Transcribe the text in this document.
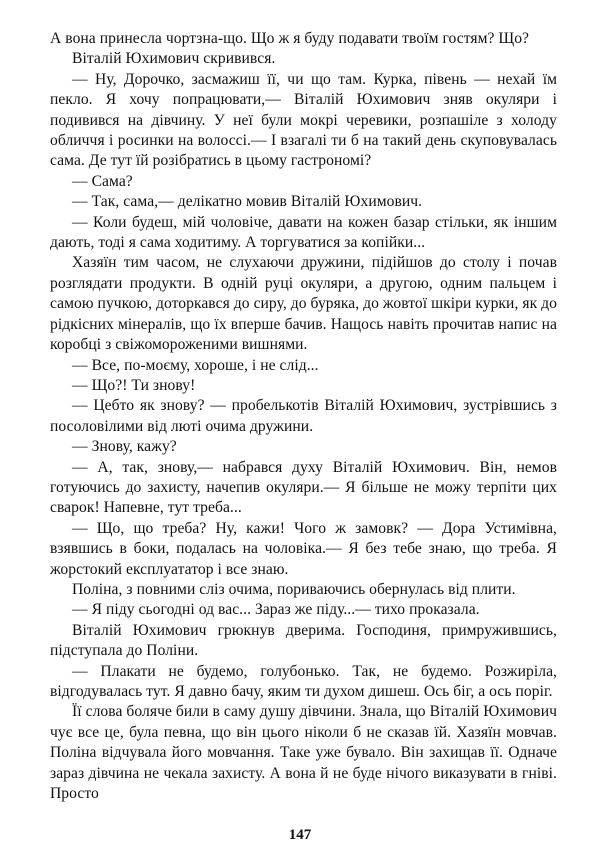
А вона принесла чортзна-що. Що ж я буду подавати твоїм гостям? Що?

Віталій Юхимович скривився.

— Ну, Дорочко, засмажиш її, чи що там. Курка, півень — нехай їм пекло. Я хочу попрацювати,— Віталій Юхимович зняв окуляри і подивився на дівчину. У неї були мокрі черевики, розпашіле з холоду обличчя і росинки на волоссі.— І взагалі ти б на такий день скуповувалась сама. Де тут їй розібратись в цьому гастрономі?

— Сама?

— Так, сама,— делікатно мовив Віталій Юхимович.

— Коли будеш, мій чоловіче, давати на кожен базар стільки, як іншим дають, тоді я сама ходитиму. А торгуватися за копійки...

Хазяїн тим часом, не слухаючи дружини, підійшов до столу і почав розглядати продукти. В одній руці окуляри, а другою, одним пальцем і самою пучкою, доторкався до сиру, до буряка, до жовтої шкіри курки, як до рідкісних мінералів, що їх вперше бачив. Нащось навіть прочитав напис на коробці з свіжомороженими вишнями.

— Все, по-моєму, хороше, і не слід...

— Що?! Ти знову!

— Цебто як знову? — пробелькотів Віталій Юхимович, зустрівшись з посоловілими від люті очима дружини.

— Знову, кажу?

— А, так, знову,— набрався духу Віталій Юхимович. Він, немов готуючись до захисту, начепив окуляри.— Я більше не можу терпіти цих сварок! Напевне, тут треба...

— Що, що треба? Ну, кажи! Чого ж замовк? — Дора Устимівна, взявшись в боки, подалась на чоловіка.— Я без тебе знаю, що треба. Я жорстокий експлуататор і все знаю.

Поліна, з повними сліз очима, пориваючись обернулась від плити.

— Я піду сьогодні од вас... Зараз же піду...— тихо проказала.

Віталій Юхимович грюкнув дверима. Господиня, примружившись, підступала до Поліни.

— Плакати не будемо, голубонько. Так, не будемо. Розжиріла, відгодувалась тут. Я давно бачу, яким ти духом дишеш. Ось біг, а ось поріг.

Її слова боляче били в саму душу дівчини. Знала, що Віталій Юхимович чує все це, була певна, що він цього ніколи б не сказав їй. Хазяїн мовчав. Поліна відчувала його мовчання. Таке уже бувало. Він захищав її. Одначе зараз дівчина не чекала захисту. А вона й не буде нічого виказувати в гніві. Просто

147
